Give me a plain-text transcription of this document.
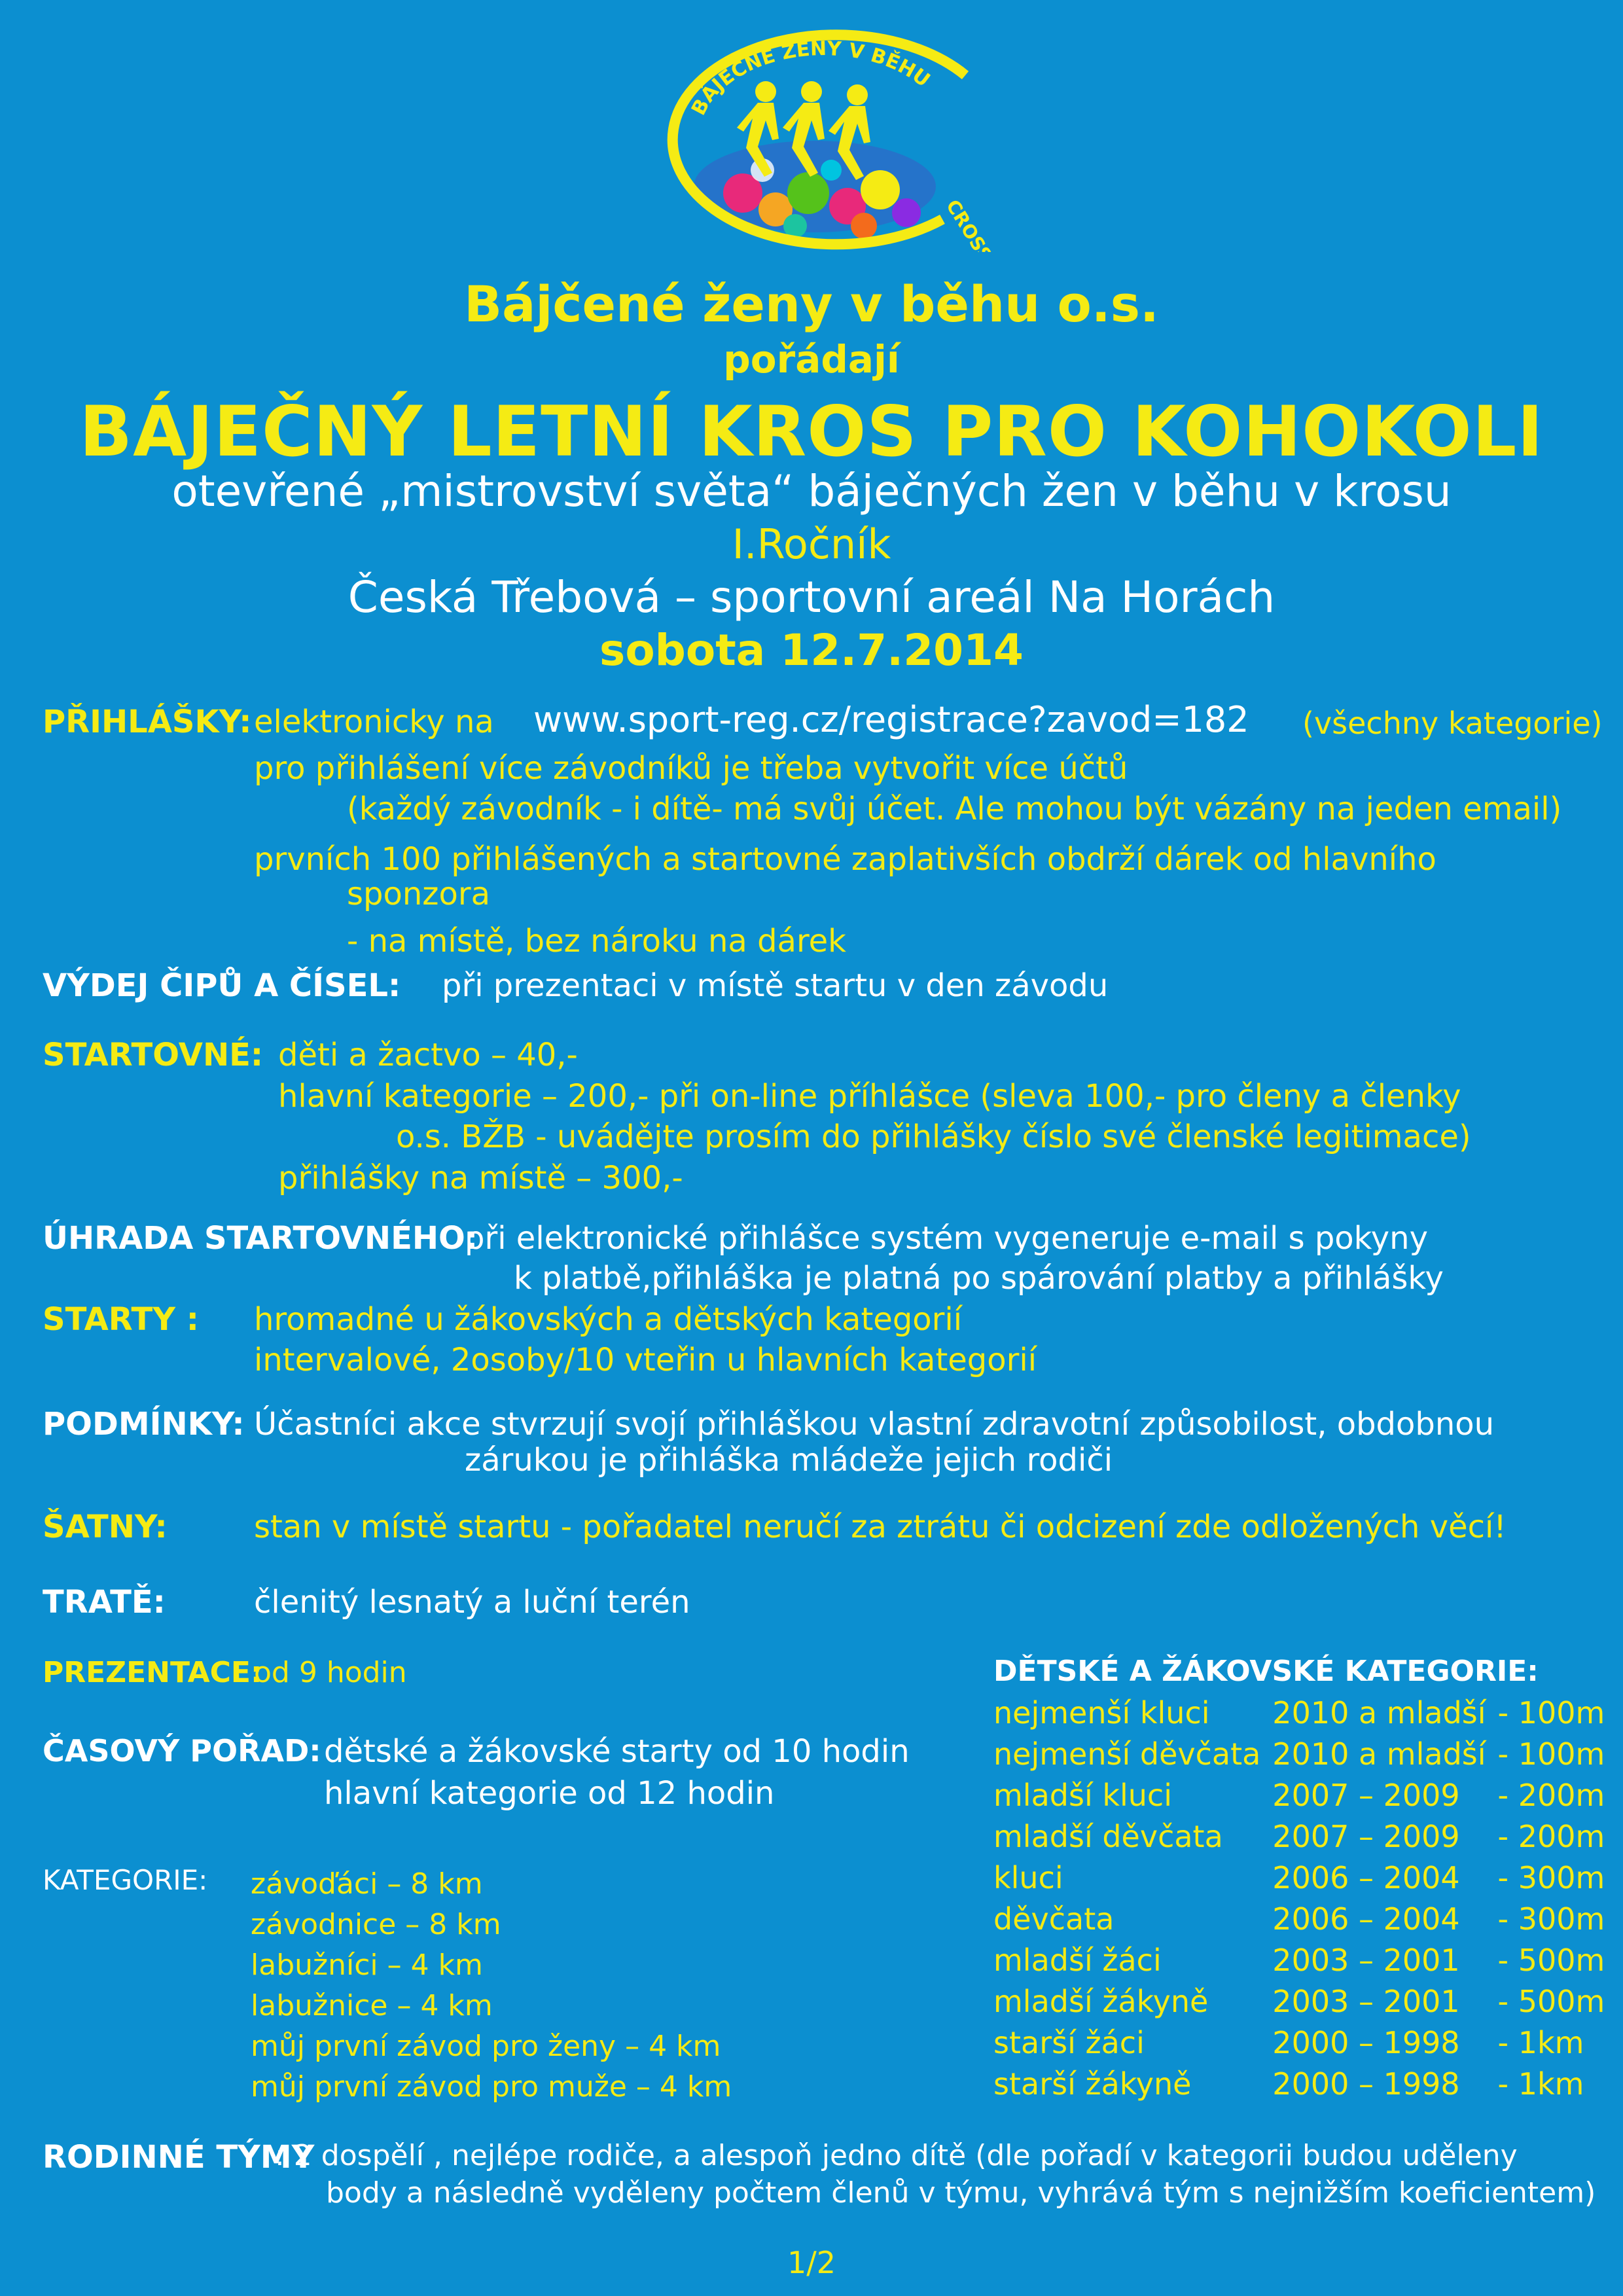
BÁJEČNÉ ŽENY V BĚHU
CROSS
Bájčené ženy v běhu o.s.
pořádají
BÁJEČNÝ LETNÍ KROS PRO KOHOKOLI
otevřené „mistrovství světa“ báječných žen v běhu v krosu
I.Ročník
Česká Třebová – sportovní areál Na Horách
sobota 12.7.2014
PŘIHLÁŠKY: elektronicky na www.sport-reg.cz/registrace?zavod=182 (všechny kategorie)
pro přihlášení více závodníků je třeba vytvořit více účtů
(každý závodník - i dítě- má svůj účet. Ale mohou být vázány na jeden email)
prvních 100 přihlášených a startovné zaplativších obdrží dárek od hlavního
sponzora
- na místě, bez nároku na dárek
VÝDEJ ČIPŮ A ČÍSEL: při prezentaci v místě startu v den závodu
STARTOVNÉ: děti a žactvo – 40,-
hlavní kategorie – 200,- při on-line příhlášce (sleva 100,- pro členy a členky
o.s. BŽB - uvádějte prosím do přihlášky číslo své členské legitimace)
přihlášky na místě – 300,-
ÚHRADA STARTOVNÉHO:
při elektronické přihlášce systém vygeneruje e-mail s pokyny
k platbě,přihláška je platná po spárování platby a přihlášky
STARTY : hromadné u žákovských a dětských kategorií
intervalové, 2osoby/10 vteřin u hlavních kategorií
PODMÍNKY: Účastníci akce stvrzují svojí přihláškou vlastní zdravotní způsobilost, obdobnou
zárukou je přihláška mládeže jejich rodiči
ŠATNY:	stan v místě startu - pořadatel neručí za ztrátu či odcizení zde odložených věcí!
TRATĚ:	členitý lesnatý a luční terén
PREZENTACE:
od 9 hodin
ČASOVÝ POŘAD: dětské a žákovské starty od 10 hodin
hlavní kategorie od 12 hodin
KATEGORIE: závoďáci – 8 km
závodnice – 8 km
labužníci – 4 km
labužnice – 4 km
můj první závod pro ženy – 4 km
můj první závod pro muže – 4 km
DĚTSKÉ A ŽÁKOVSKÉ KATEGORIE:
nejmenší kluci	2010 a mladší	- 100m
nejmenší děvčata	2010 a mladší	- 100m
mladší kluci	2007 – 2009	- 200m
mladší děvčata	2007 – 2009	- 200m
kluci	2006 – 2004	- 300m
děvčata	2006 – 2004	- 300m
mladší žáci	2003 – 2001	- 500m
mladší žákyně	2003 – 2001	- 500m
starší žáci	2000 – 1998	- 1km
starší žákyně	2000 – 1998	- 1km
RODINNÉ TÝMY
: 2 dospělí , nejlépe rodiče, a alespoň jedno dítě (dle pořadí v kategorii budou uděleny
body a následně vyděleny počtem členů v týmu, vyhrává tým s nejnižším koeficientem)
1/2
